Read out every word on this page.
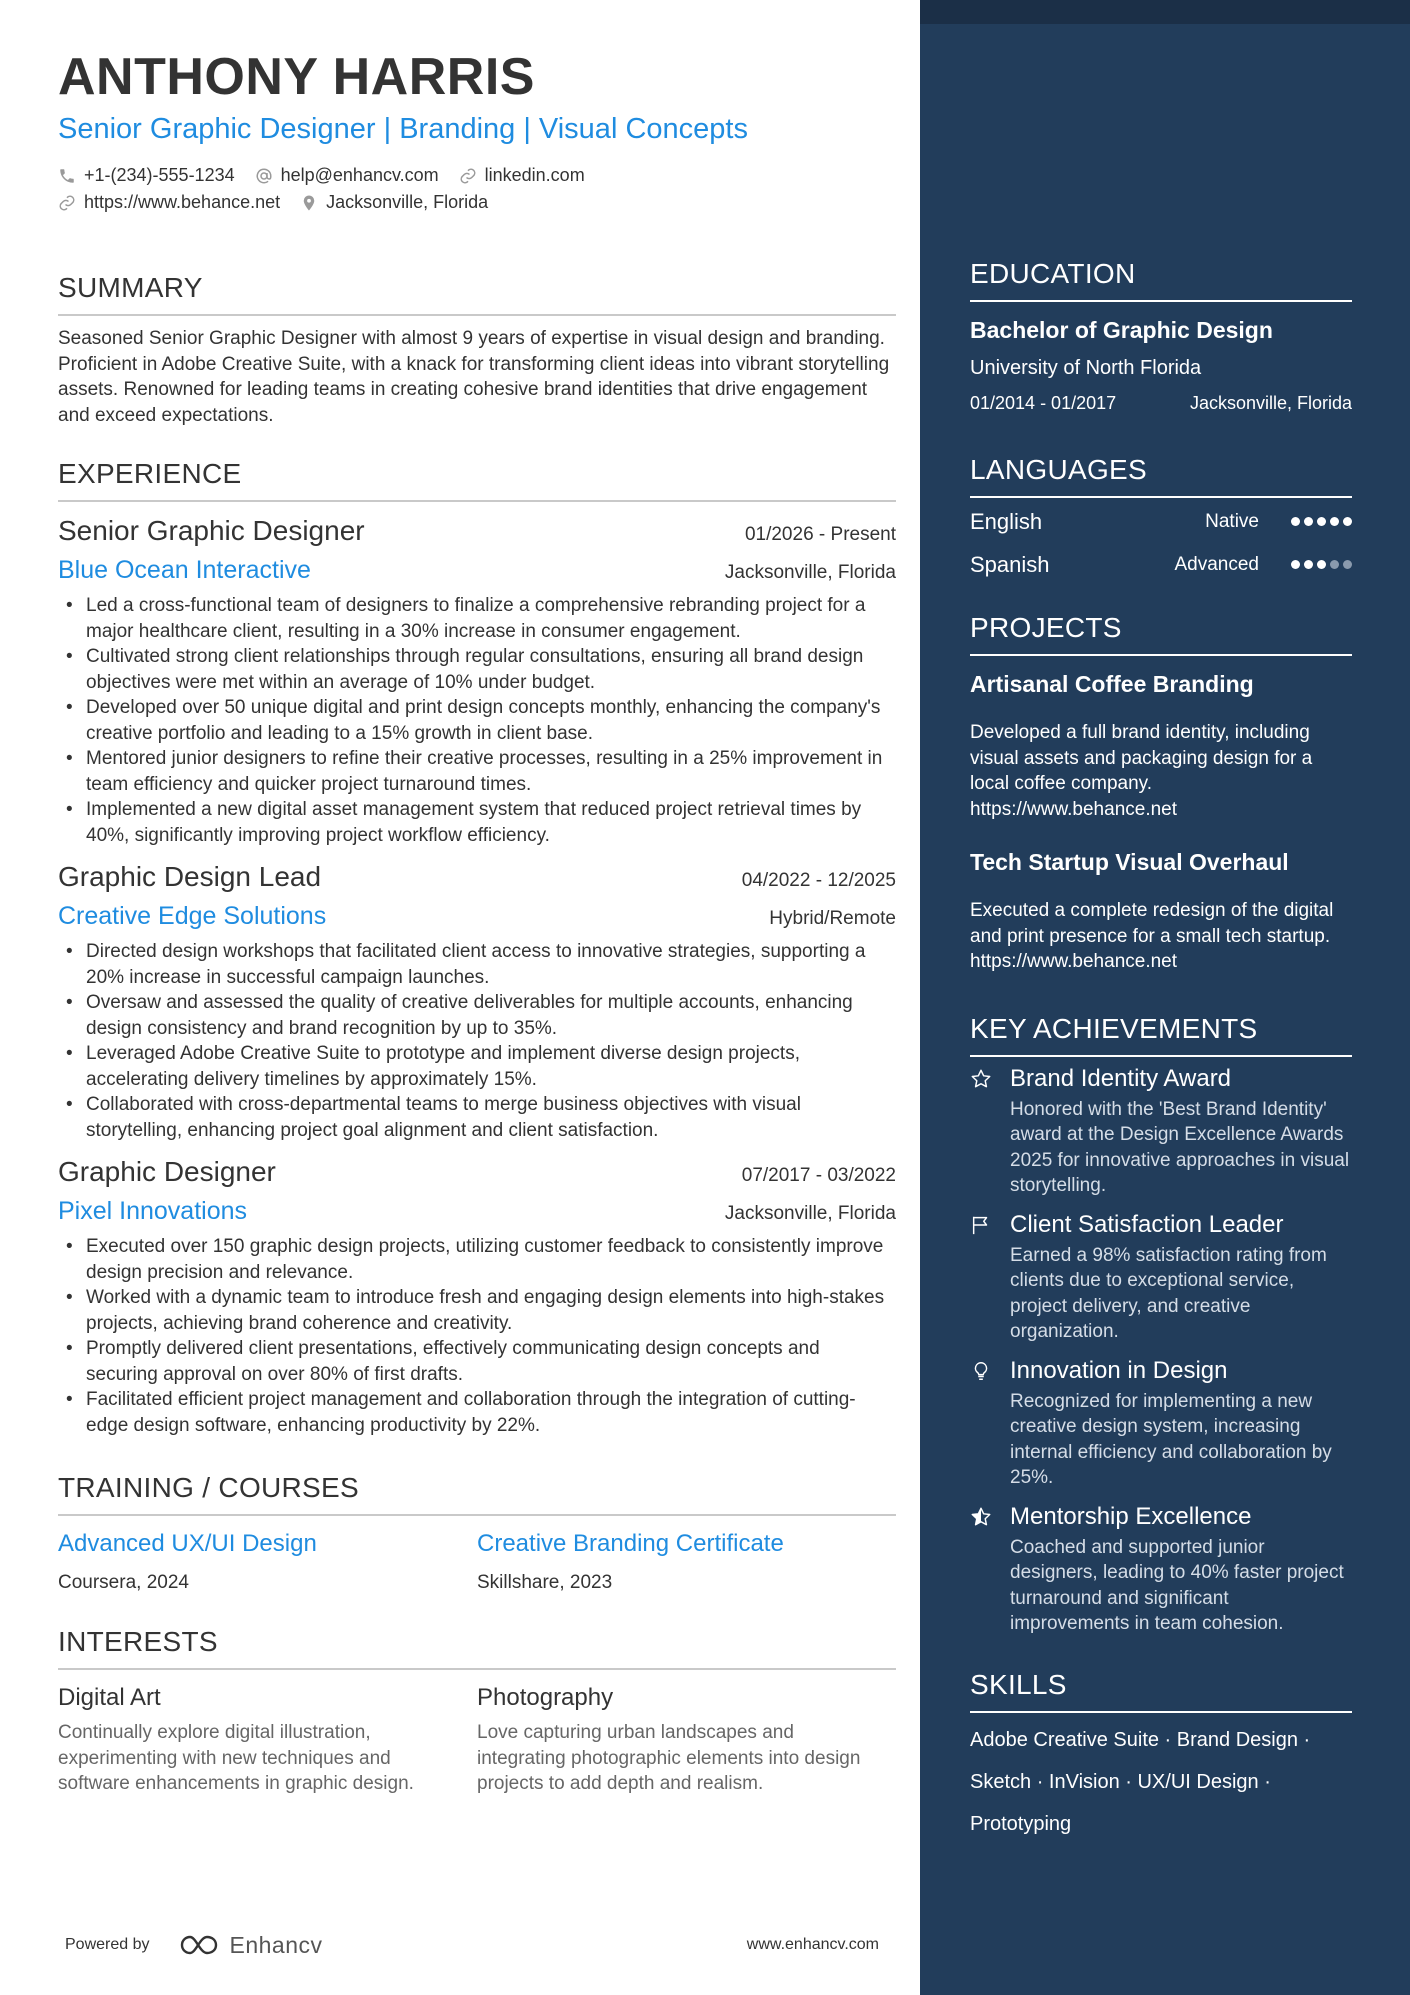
ANTHONY HARRIS
Senior Graphic Designer | Branding | Visual Concepts
+1-(234)-555-1234	help@enhancv.com	linkedin.com
https://www.behance.net	Jacksonville, Florida
SUMMARY
Seasoned Senior Graphic Designer with almost 9 years of expertise in visual design and branding. Proficient in Adobe Creative Suite, with a knack for transforming client ideas into vibrant storytelling assets. Renowned for leading teams in creating cohesive brand identities that drive engagement and exceed expectations.
EXPERIENCE
Senior Graphic Designer	01/2026 - Present
Blue Ocean Interactive	Jacksonville, Florida
• Led a cross-functional team of designers to finalize a comprehensive rebranding project for a major healthcare client, resulting in a 30% increase in consumer engagement.
• Cultivated strong client relationships through regular consultations, ensuring all brand design objectives were met within an average of 10% under budget.
• Developed over 50 unique digital and print design concepts monthly, enhancing the company's creative portfolio and leading to a 15% growth in client base.
• Mentored junior designers to refine their creative processes, resulting in a 25% improvement in team efficiency and quicker project turnaround times.
• Implemented a new digital asset management system that reduced project retrieval times by 40%, significantly improving project workflow efficiency.
Graphic Design Lead	04/2022 - 12/2025
Creative Edge Solutions	Hybrid/Remote
• Directed design workshops that facilitated client access to innovative strategies, supporting a 20% increase in successful campaign launches.
• Oversaw and assessed the quality of creative deliverables for multiple accounts, enhancing design consistency and brand recognition by up to 35%.
• Leveraged Adobe Creative Suite to prototype and implement diverse design projects, accelerating delivery timelines by approximately 15%.
• Collaborated with cross-departmental teams to merge business objectives with visual storytelling, enhancing project goal alignment and client satisfaction.
Graphic Designer	07/2017 - 03/2022
Pixel Innovations	Jacksonville, Florida
• Executed over 150 graphic design projects, utilizing customer feedback to consistently improve design precision and relevance.
• Worked with a dynamic team to introduce fresh and engaging design elements into high-stakes projects, achieving brand coherence and creativity.
• Promptly delivered client presentations, effectively communicating design concepts and securing approval on over 80% of first drafts.
• Facilitated efficient project management and collaboration through the integration of cutting-edge design software, enhancing productivity by 22%.
TRAINING / COURSES
Advanced UX/UI Design
Coursera, 2024
Creative Branding Certificate
Skillshare, 2023
INTERESTS
Digital Art
Continually explore digital illustration, experimenting with new techniques and software enhancements in graphic design.
Photography
Love capturing urban landscapes and integrating photographic elements into design projects to add depth and realism.
Powered by	Enhancv	www.enhancv.com
EDUCATION
Bachelor of Graphic Design
University of North Florida
01/2014 - 01/2017	Jacksonville, Florida
LANGUAGES
English	Native
Spanish	Advanced
PROJECTS
Artisanal Coffee Branding
Developed a full brand identity, including visual assets and packaging design for a local coffee company.
https://www.behance.net
Tech Startup Visual Overhaul
Executed a complete redesign of the digital and print presence for a small tech startup.
https://www.behance.net
KEY ACHIEVEMENTS
Brand Identity Award
Honored with the 'Best Brand Identity' award at the Design Excellence Awards 2025 for innovative approaches in visual storytelling.
Client Satisfaction Leader
Earned a 98% satisfaction rating from clients due to exceptional service, project delivery, and creative organization.
Innovation in Design
Recognized for implementing a new creative design system, increasing internal efficiency and collaboration by 25%.
Mentorship Excellence
Coached and supported junior designers, leading to 40% faster project turnaround and significant improvements in team cohesion.
SKILLS
Adobe Creative Suite · Brand Design · Sketch · InVision · UX/UI Design · Prototyping
